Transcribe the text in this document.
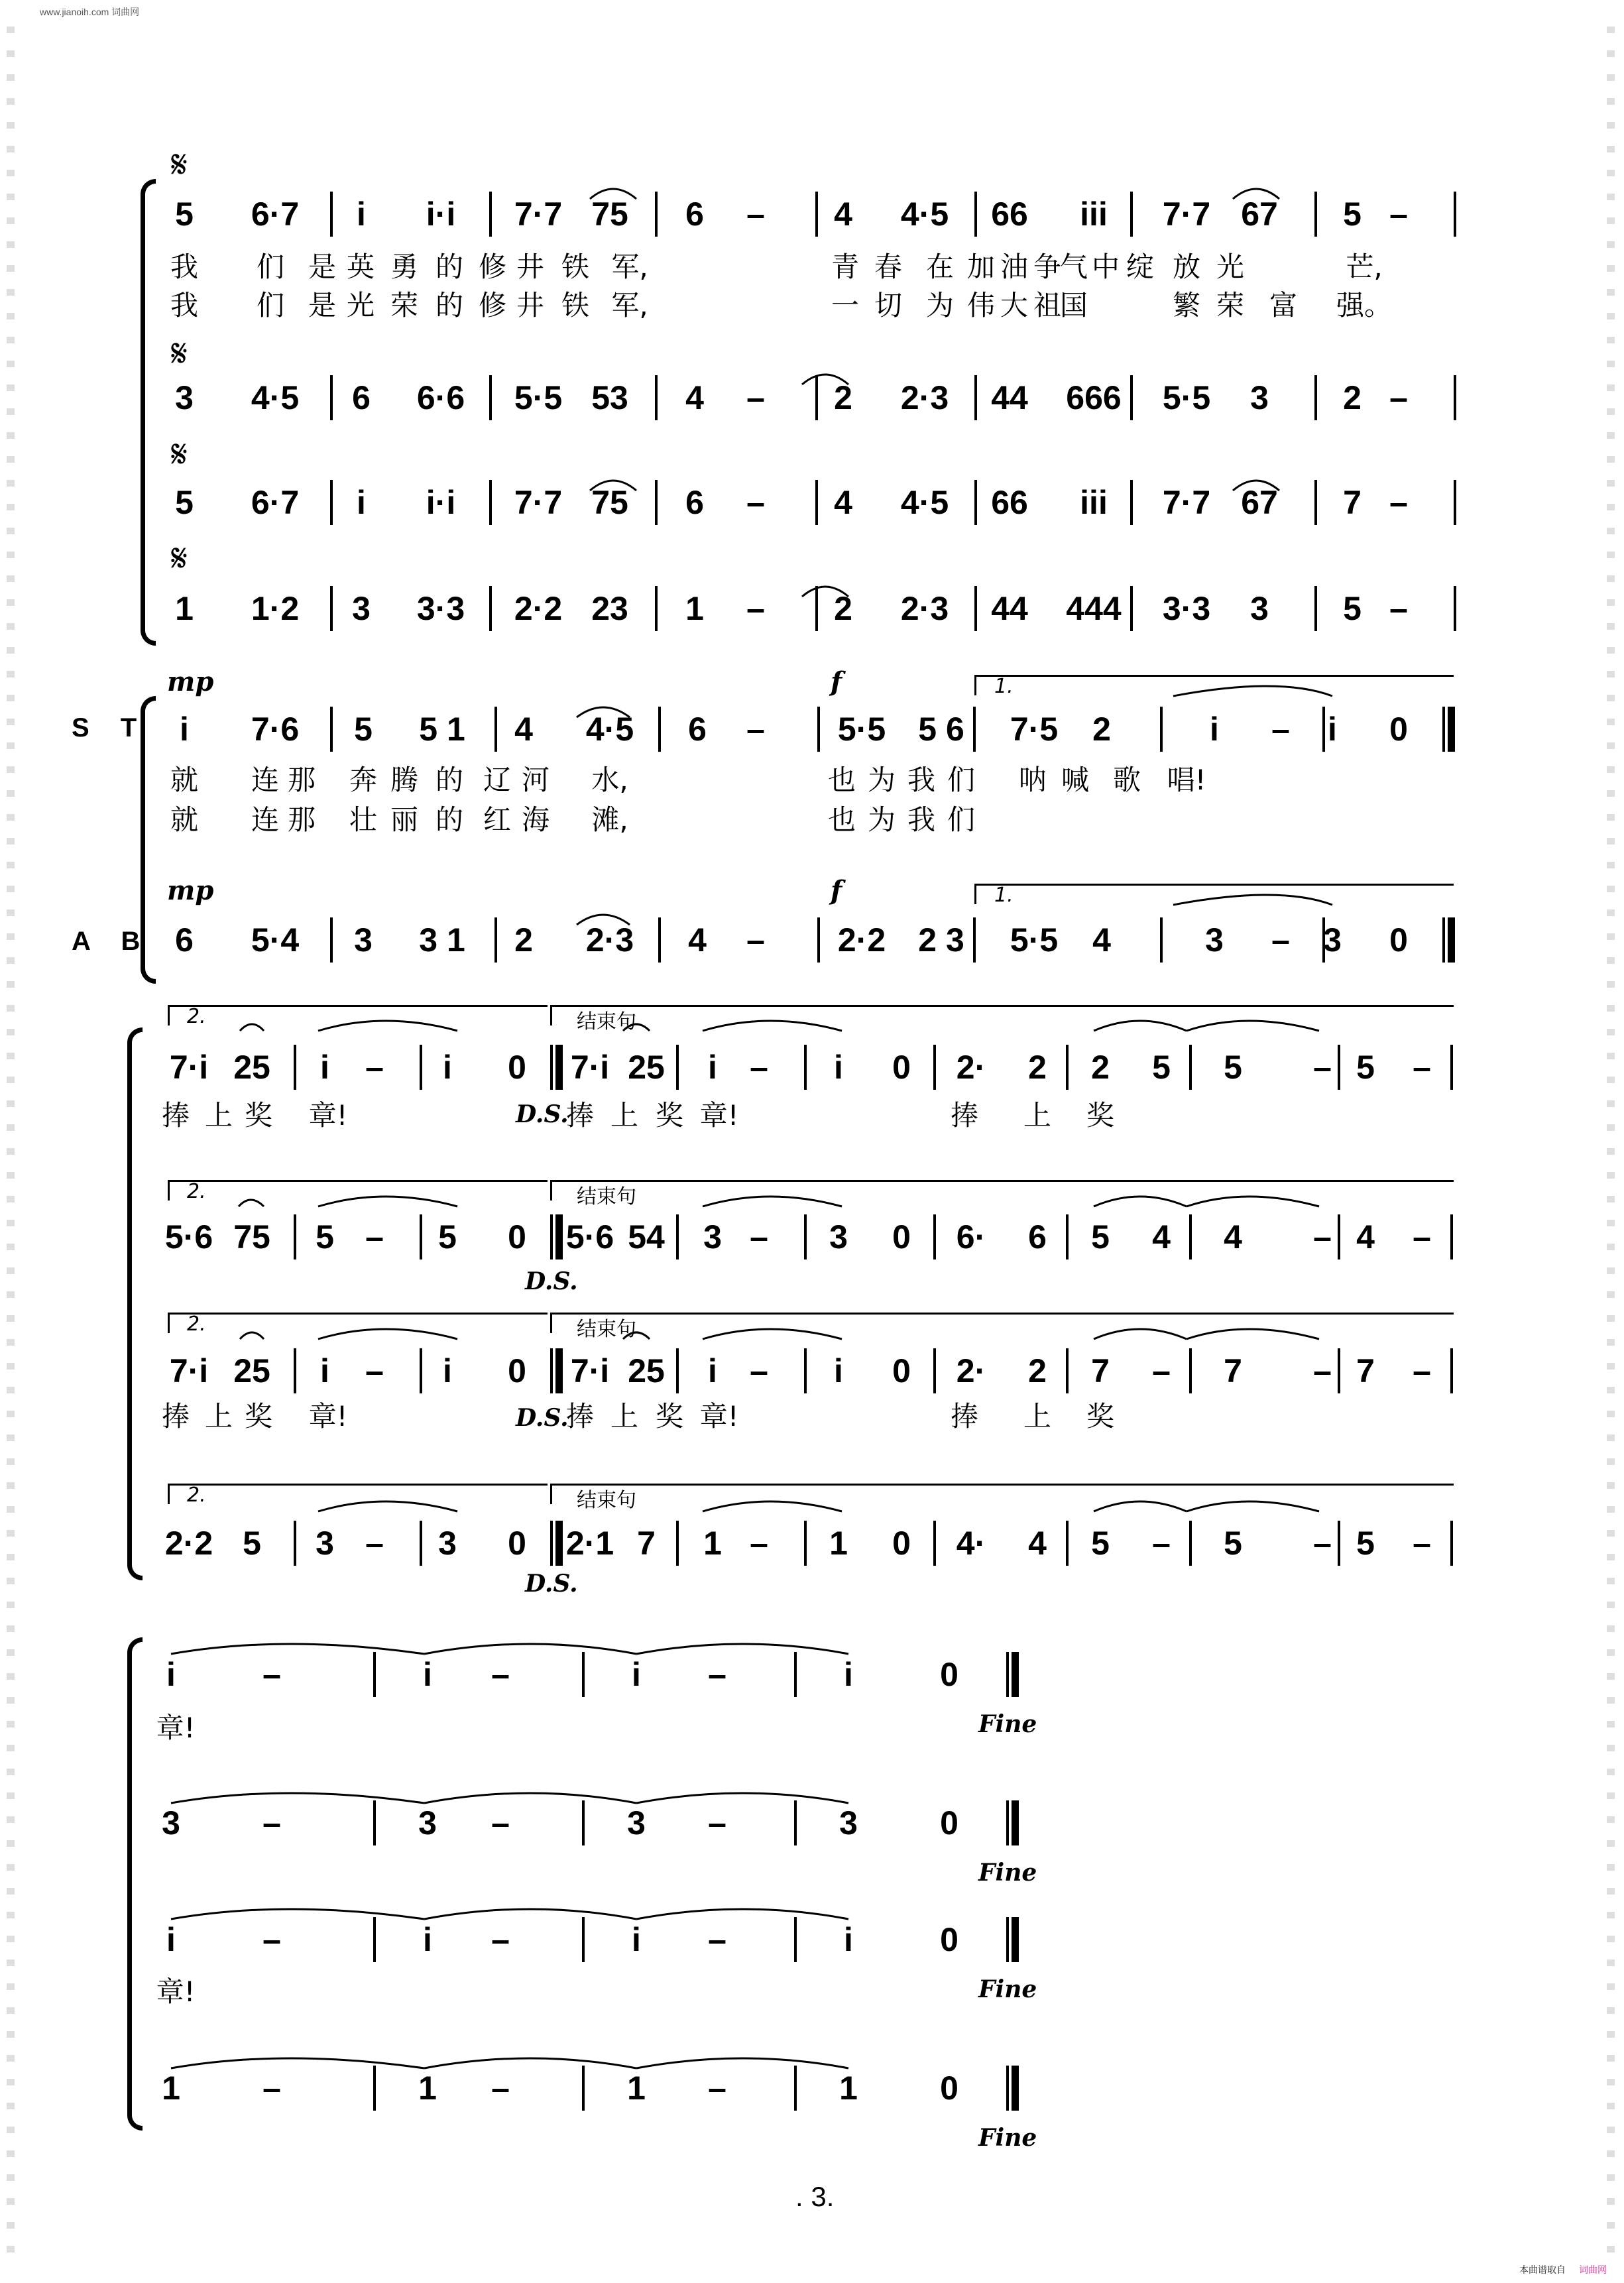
www.jianoih.com 词曲网
S T
A B
𝄋
𝄋
𝄋
𝄋
mp	f
mp	f
1.
1.
2.	结束句
2.	结束句
2.	结束句
2.	结束句
D.S.
D.S.
D.S.
D.S.
Fine
Fine
Fine
Fine
5 6·7 i i·i 7·7 75 6 – 4 4·5 66 iii 7·7 67 5 –
3 4·5 6 6·6 5·5 53 4 – 2 2·3 44 666 5·5 3 2 –
5 6·7 i i·i 7·7 75 6 – 4 4·5 66 iii 7·7 67 7 –
1 1·2 3 3·3 2·2 23 1 – 2 2·3 44 444 3·3 3 5 –
我 们 是 英 勇 的 修 井 铁 军,	青 春 在 加 油 争
气 中 绽 放 光	芒,
我 们 是 光 荣 的 修 井 铁 军,	一 切 为 伟 大 祖
国	繁 荣 富 强。
i 7·6 5 5 1 4 4·5 6 – 5·5 5 6 7·5 2	i – i 0
6 5·4 3 3 1 2 2·3 4 – 2·2 2 3 5·5 4	3 – 3 0
就 连 那 奔 腾 的 辽 河 水,	也 为 我 们 呐 喊 歌 唱!
就 连 那 壮 丽 的 红 海 滩,	也 为 我 们
7·i 25 i – i 0 7·i 25 i – i 0 2· 2 2 5 5 – 5 –
5·6 75 5 – 5 0 5·6 54 3 – 3 0 6· 6 5 4 4 – 4 –
7·i 25 i – i 0 7·i 25 i – i 0 2· 2 7 – 7 – 7 –
2·2 5 3 – 3 0 2·1 7 1 – 1 0 4· 4 5 – 5 – 5 –
捧 上 奖 章!	捧 上 奖 章!	捧 上 奖
捧 上 奖 章!	捧 上 奖 章!	捧 上 奖
i	–	i –	i –	i	0
3 –	3 –	3 –	3 0
i	–	i –	i –	i	0
1 –	1 –	1 –	1 0
章!
章!
. 3.
本曲谱取自 词曲网
